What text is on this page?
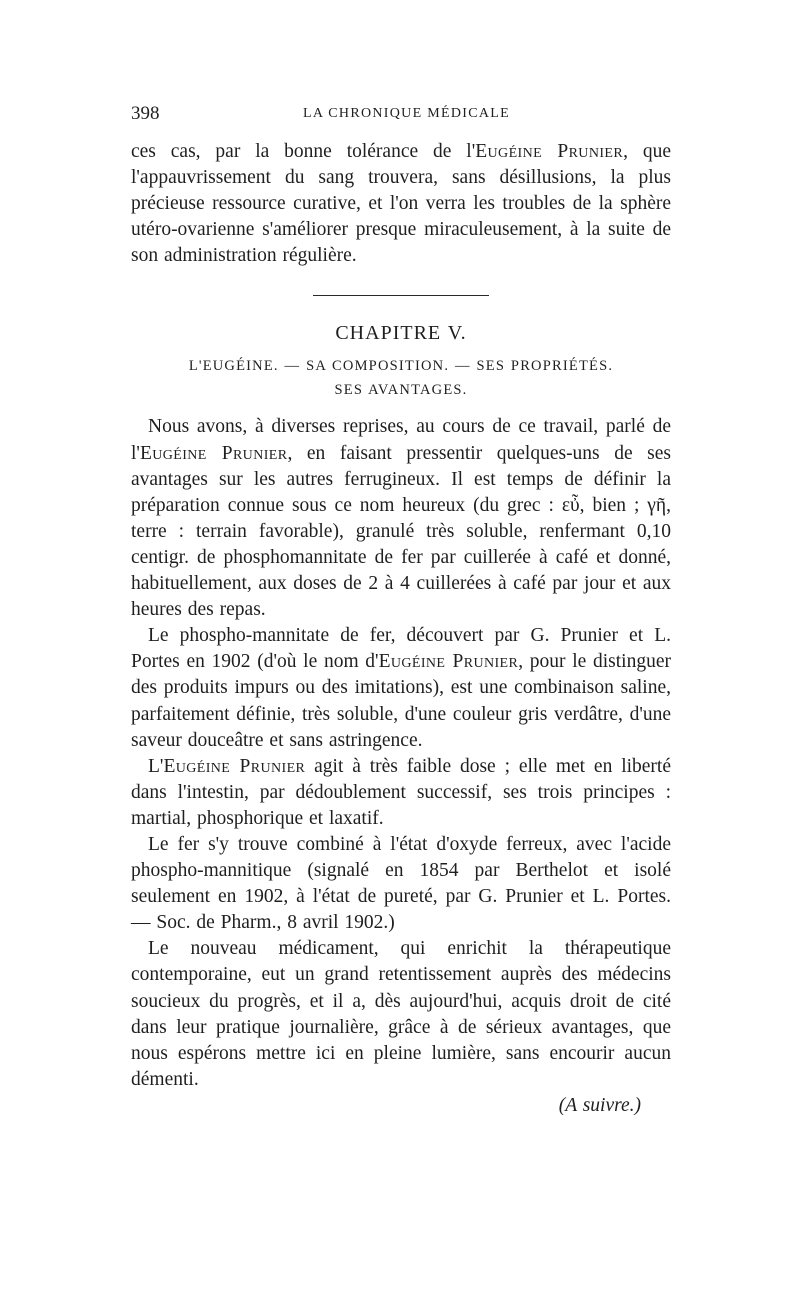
398	LA CHRONIQUE MÉDICALE

ces cas, par la bonne tolérance de l'Eugéine Prunier, que l'appauvrissement du sang trouvera, sans désillusions, la plus précieuse ressource curative, et l'on verra les troubles de la sphère utéro-ovarienne s'améliorer presque miraculeusement, à la suite de son administration régulière.

CHAPITRE V.
L'EUGÉINE. — SA COMPOSITION. — SES PROPRIÉTÉS.
SES AVANTAGES.

Nous avons, à diverses reprises, au cours de ce travail, parlé de l'Eugéine Prunier, en faisant pressentir quelques-uns de ses avantages sur les autres ferrugineux. Il est temps de définir la préparation connue sous ce nom heureux (du grec : εὖ, bien ; γῆ, terre : terrain favorable), granulé très soluble, renfermant 0,10 centigr. de phosphomannitate de fer par cuillerée à café et donné, habituellement, aux doses de 2 à 4 cuillerées à café par jour et aux heures des repas.

Le phospho-mannitate de fer, découvert par G. Prunier et L. Portes en 1902 (d'où le nom d'Eugéine Prunier, pour le distinguer des produits impurs ou des imitations), est une combinaison saline, parfaitement définie, très soluble, d'une couleur gris verdâtre, d'une saveur douceâtre et sans astringence.

L'Eugéine Prunier agit à très faible dose ; elle met en liberté dans l'intestin, par dédoublement successif, ses trois principes : martial, phosphorique et laxatif.

Le fer s'y trouve combiné à l'état d'oxyde ferreux, avec l'acide phospho-mannitique (signalé en 1854 par Berthelot et isolé seulement en 1902, à l'état de pureté, par G. Prunier et L. Portes. — Soc. de Pharm., 8 avril 1902.)

Le nouveau médicament, qui enrichit la thérapeutique contemporaine, eut un grand retentissement auprès des médecins soucieux du progrès, et il a, dès aujourd'hui, acquis droit de cité dans leur pratique journalière, grâce à de sérieux avantages, que nous espérons mettre ici en pleine lumière, sans encourir aucun démenti.

(A suivre.)
